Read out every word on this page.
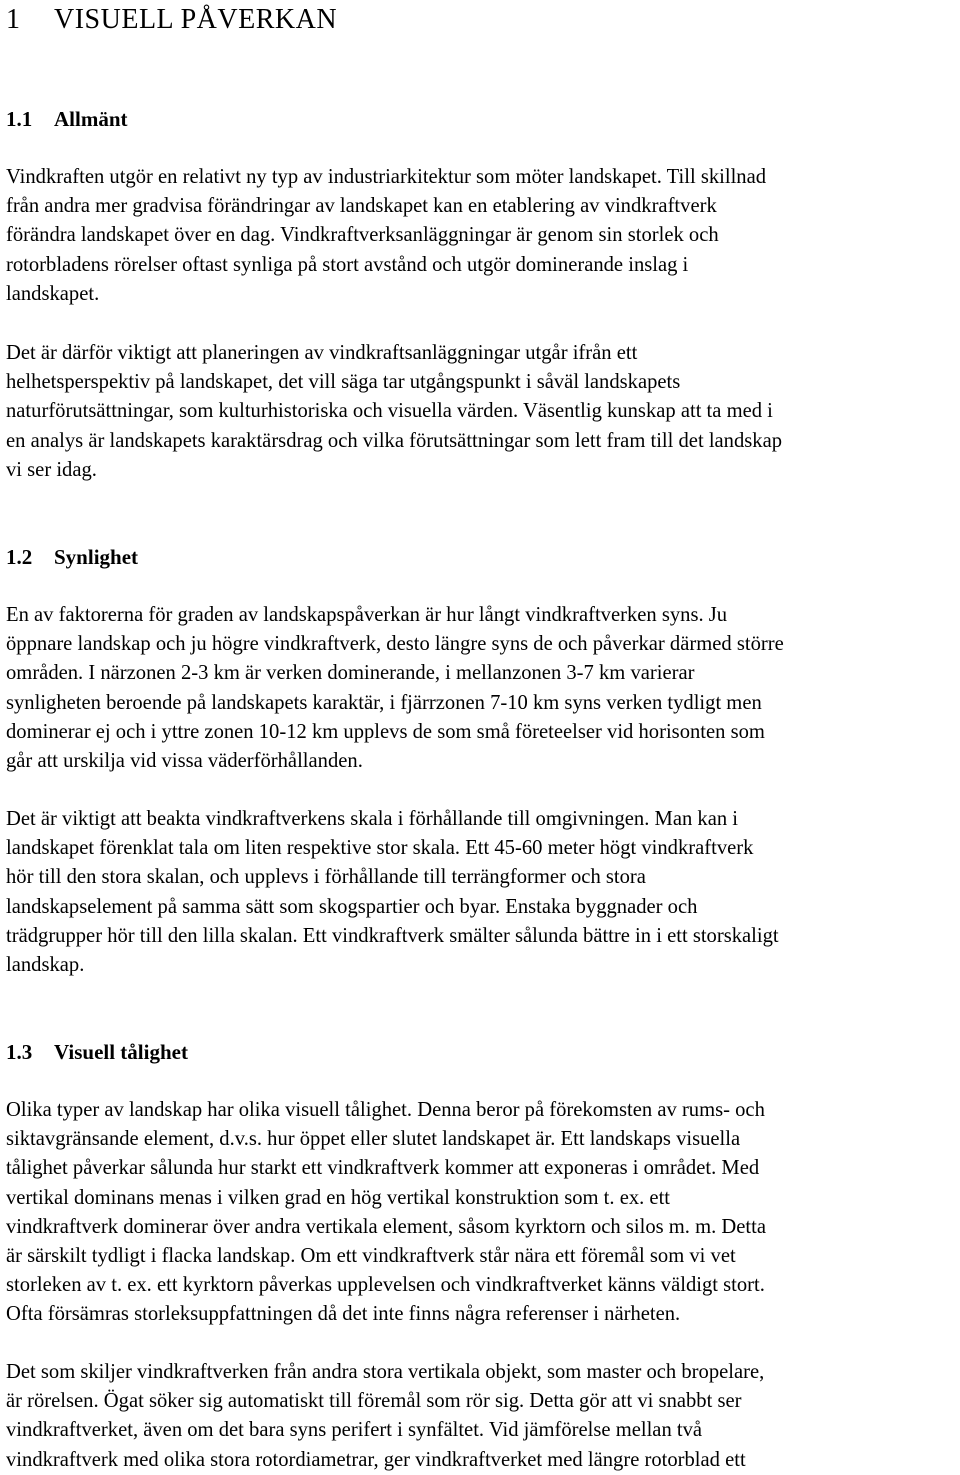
1 VISUELL PÅVERKAN
1.1 Allmänt

Vindkraften utgör en relativt ny typ av industriarkitektur som möter landskapet. Till skillnad
från andra mer gradvisa förändringar av landskapet kan en etablering av vindkraftverk
förändra landskapet över en dag. Vindkraftverksanläggningar är genom sin storlek och
rotorbladens rörelser oftast synliga på stort avstånd och utgör dominerande inslag i
landskapet.

Det är därför viktigt att planeringen av vindkraftsanläggningar utgår ifrån ett
helhetsperspektiv på landskapet, det vill säga tar utgångspunkt i såväl landskapets
naturförutsättningar, som kulturhistoriska och visuella värden. Väsentlig kunskap att ta med i
en analys är landskapets karaktärsdrag och vilka förutsättningar som lett fram till det landskap
vi ser idag.

1.2 Synlighet

En av faktorerna för graden av landskapspåverkan är hur långt vindkraftverken syns. Ju
öppnare landskap och ju högre vindkraftverk, desto längre syns de och påverkar därmed större
områden. I närzonen 2-3 km är verken dominerande, i mellanzonen 3-7 km varierar
synligheten beroende på landskapets karaktär, i fjärrzonen 7-10 km syns verken tydligt men
dominerar ej och i yttre zonen 10-12 km upplevs de som små företeelser vid horisonten som
går att urskilja vid vissa väderförhållanden.

Det är viktigt att beakta vindkraftverkens skala i förhållande till omgivningen. Man kan i
landskapet förenklat tala om liten respektive stor skala. Ett 45-60 meter högt vindkraftverk
hör till den stora skalan, och upplevs i förhållande till terrängformer och stora
landskapselement på samma sätt som skogspartier och byar. Enstaka byggnader och
trädgrupper hör till den lilla skalan. Ett vindkraftverk smälter sålunda bättre in i ett storskaligt
landskap.

1.3 Visuell tålighet

Olika typer av landskap har olika visuell tålighet. Denna beror på förekomsten av rums- och
siktavgränsande element, d.v.s. hur öppet eller slutet landskapet är. Ett landskaps visuella
tålighet påverkar sålunda hur starkt ett vindkraftverk kommer att exponeras i området. Med
vertikal dominans menas i vilken grad en hög vertikal konstruktion som t. ex. ett
vindkraftverk dominerar över andra vertikala element, såsom kyrktorn och silos m. m. Detta
är särskilt tydligt i flacka landskap. Om ett vindkraftverk står nära ett föremål som vi vet
storleken av t. ex. ett kyrktorn påverkas upplevelsen och vindkraftverket känns väldigt stort.
Ofta försämras storleksuppfattningen då det inte finns några referenser i närheten.

Det som skiljer vindkraftverken från andra stora vertikala objekt, som master och bropelare,
är rörelsen. Ögat söker sig automatiskt till föremål som rör sig. Detta gör att vi snabbt ser
vindkraftverket, även om det bara syns perifert i synfältet. Vid jämförelse mellan två
vindkraftverk med olika stora rotordiametrar, ger vindkraftverket med längre rotorblad ett
